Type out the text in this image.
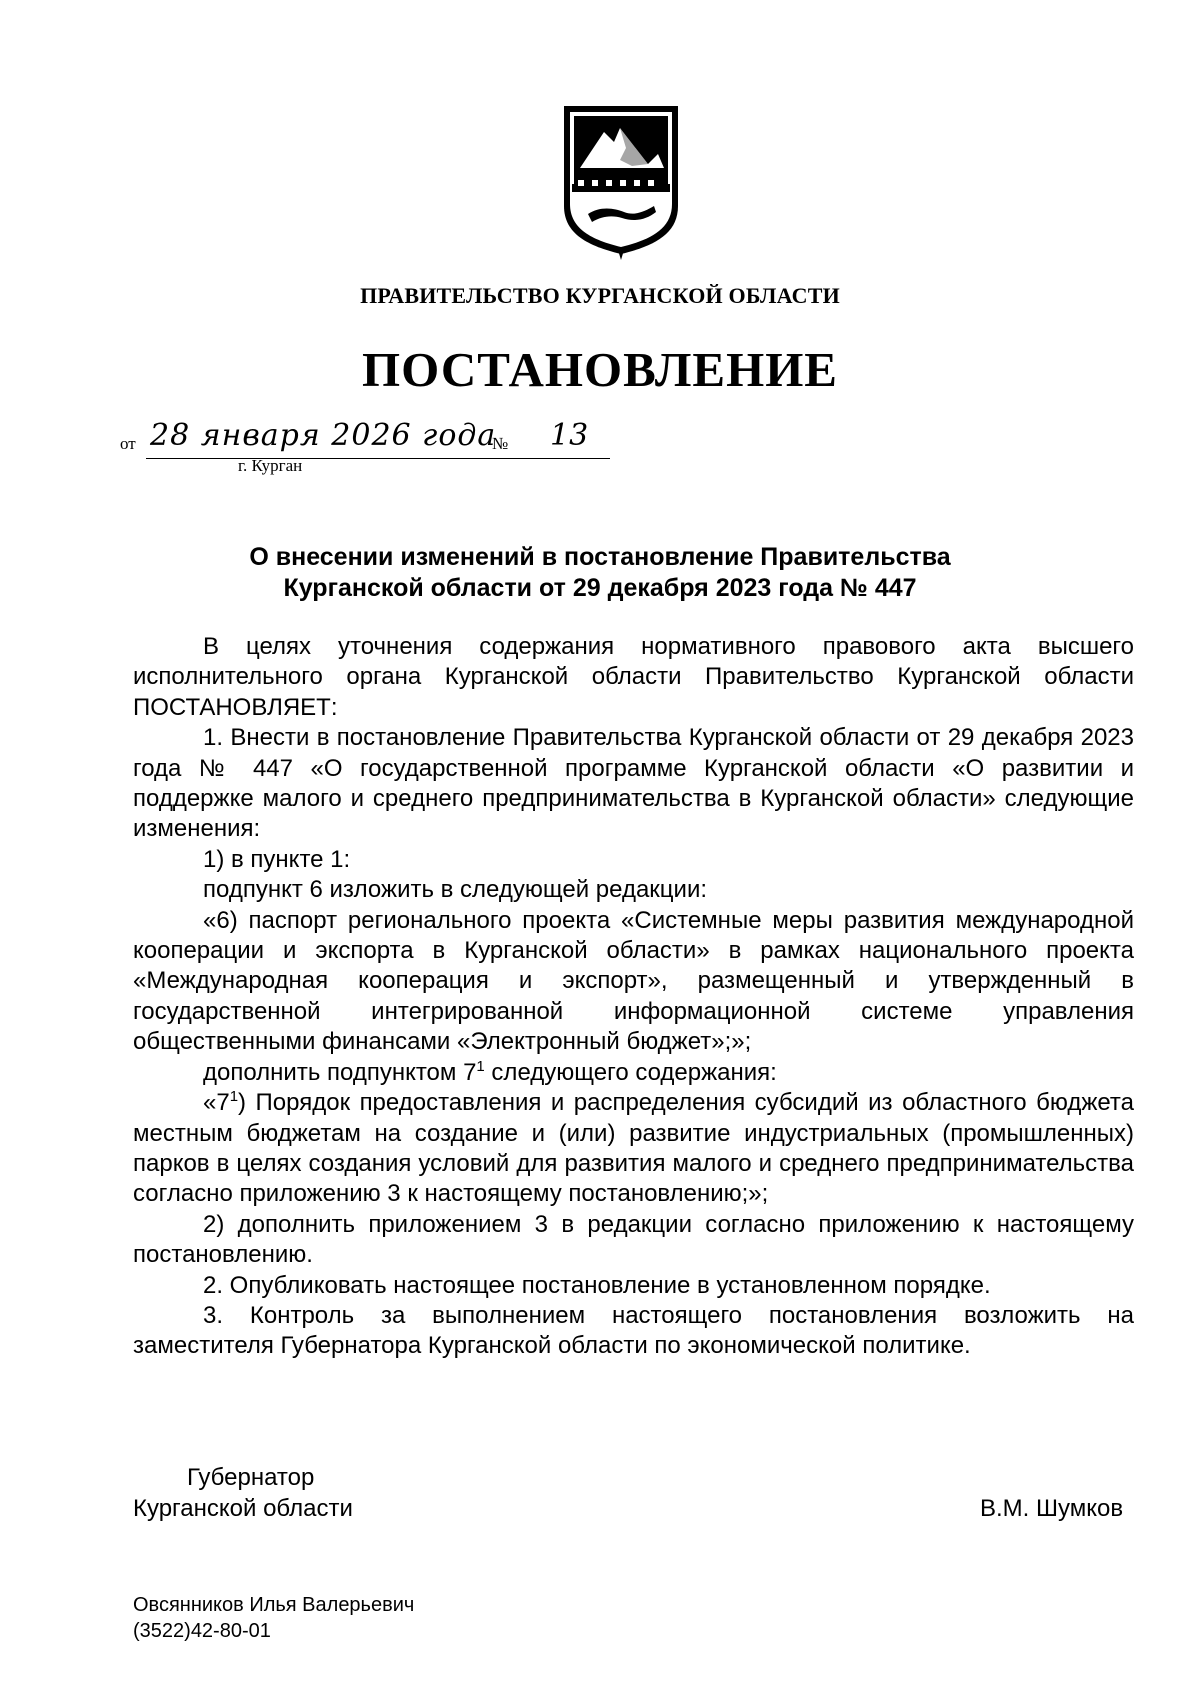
ПРАВИТЕЛЬСТВО КУРГАНСКОЙ ОБЛАСТИ
ПОСТАНОВЛЕНИЕ
от 28 января 2026 года
№ 13
г. Курган
О внесении изменений в постановление Правительства
Курганской области от 29 декабря 2023 года № 447

В целях уточнения содержания нормативного правового акта высшего исполнительного органа Курганской области Правительство Курганской области ПОСТАНОВЛЯЕТ:

1. Внести в постановление Правительства Курганской области от 29 декабря 2023 года № 447 «О государственной программе Курганской области «О развитии и поддержке малого и среднего предпринимательства в Курганской области» следующие изменения:

1) в пункте 1:

подпункт 6 изложить в следующей редакции:

«6) паспорт регионального проекта «Системные меры развития международной кооперации и экспорта в Курганской области» в рамках национального проекта «Международная кооперация и экспорт», размещенный и утвержденный в государственной интегрированной информационной системе управления общественными финансами «Электронный бюджет»;»;

дополнить подпунктом $7^1$ следующего содержания:

«$7^1$) Порядок предоставления и распределения субсидий из областного бюджета местным бюджетам на создание и (или) развитие индустриальных (промышленных) парков в целях создания условий для развития малого и среднего предпринимательства согласно приложению 3 к настоящему постановлению;»;

2) дополнить приложением 3 в редакции согласно приложению к настоящему постановлению.

2. Опубликовать настоящее постановление в установленном порядке.

3. Контроль за выполнением настоящего постановления возложить на заместителя Губернатора Курганской области по экономической политике.

Губернатор
Курганской области	В.М. Шумков
Овсянников Илья Валерьевич
(3522)42-80-01
